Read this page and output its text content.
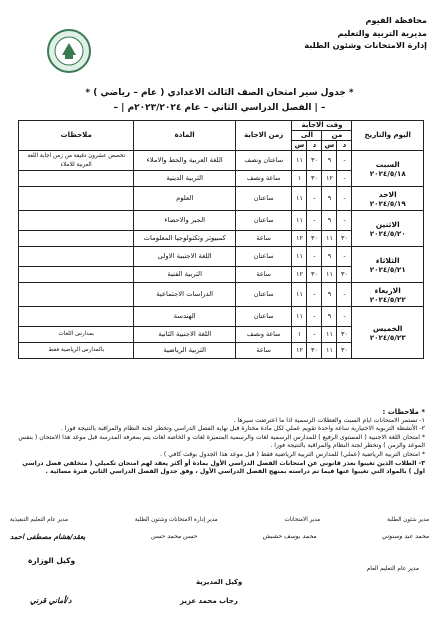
محافظة الفيوم
مديرية التربية والتعليم
إدارة الامتحانات وشئون الطلبة
* جدول سير امتحان الصف الثالث الاعدادي ( عام – رياضي ) *
– | الفصل الدراسي الثاني – عام ٢٠٢٣/٢٠٢٤م | –
اليوم والتاريخ	وقت الاجابة				زمن الاجابة	المادة	ملاحظات
	من		الى				
	د	س	د	س			

السبت
٢٠٢٤/٥/١٨	-	٩	٣٠	١١	ساعتان ونصف	اللغة العربية والخط والاملاء	تخصص عشرون دقيقة من زمن اجابة اللغة العربية للاملاء
	-	١٢	٣٠	١	ساعة ونصف	التربية الدينية	

الاحد
٢٠٢٤/٥/١٩	-	٩	-	١١	ساعتان	العلوم	

الاثنين
٢٠٢٤/٥/٢٠	-	٩	-	١١	ساعتان	الجبر والاحصاء	
	٣٠	١١	٣٠	١٢	ساعة	كمبيوتر وتكنولوجيا المعلومات	

الثلاثاء
٢٠٢٤/٥/٢١	-	٩	-	١١	ساعتان	اللغة الاجنبية الاولى	
	٣٠	١١	٣٠	١٢	ساعة	التربية الفنية	

الاربعاء
٢٠٢٤/٥/٢٢	-	٩	-	١١	ساعتان	الدراسات الاجتماعية	

الخميس
٢٠٢٤/٥/٢٣	-	٩	-	١١	ساعتان	الهندسة	
	٣٠	١١	-	١	ساعة ونصف	اللغة الاجنبية الثانية	بمدارس اللغات
	٣٠	١١	٣٠	١٢	ساعة	التربية الرياضية	بالمدارس الرياضية فقط
* ملاحظات :
١- تستمر الامتحانات ايام السبت والعطلات الرسمية اذا ما اعترضت سيرها .
٢- الأنشطة التربوية الاختيارية ساعة واحدة تقويم عملي لكل مادة مختارة قبل نهاية الفصل الدراسي وتخطر لجنة النظام والمراقبة بالنتيجة فورا .
* امتحان اللغة الاجنبية ( المستوى الرفيع ) للمدارس الرسمية لغات والرسمية المتميزة لغات و الخاصة لغات يتم بمعرفة المدرسة قبل موعد هذا الامتحان ( بنفس الموعد والزمن ) وتخطر لجنة النظام والمراقبة بالنتيجة فورا .
* امتحان التربية الرياضية (عملي) للمدارس التربية الرياضية فقط ( قبل موعد هذا الجدول بوقت كافي ) .
٣- الطلاب الذين تغيبوا بعذر قانوني عن امتحانات الفصل الدراسي الأول بمادة أو أكثر يعقد لهم امتحان تكميلي ( متخلفي فصل دراسي اول ) بالمواد التي تغيبوا عنها فيما تم دراسته بمنهج الفصل الدراسي الأول ، وفق جدول الفصل الدراسي الثاني فترة مسائية .
مدير شئون الطلبة
مدير الامتحانات
مدير إدارة الامتحانات وشئون الطلبة
مدير عام التعليم التنفيذية
محمد عيد وسنوتي
محمد يوسف حشيش
حسن محمد حسن
يعقد/هشام مصطفى احمد
وكيل الوزارة
وكيل المديرية
مدير عام التعليم العام
د/أماني قرني	رجاب محمد عزيز
